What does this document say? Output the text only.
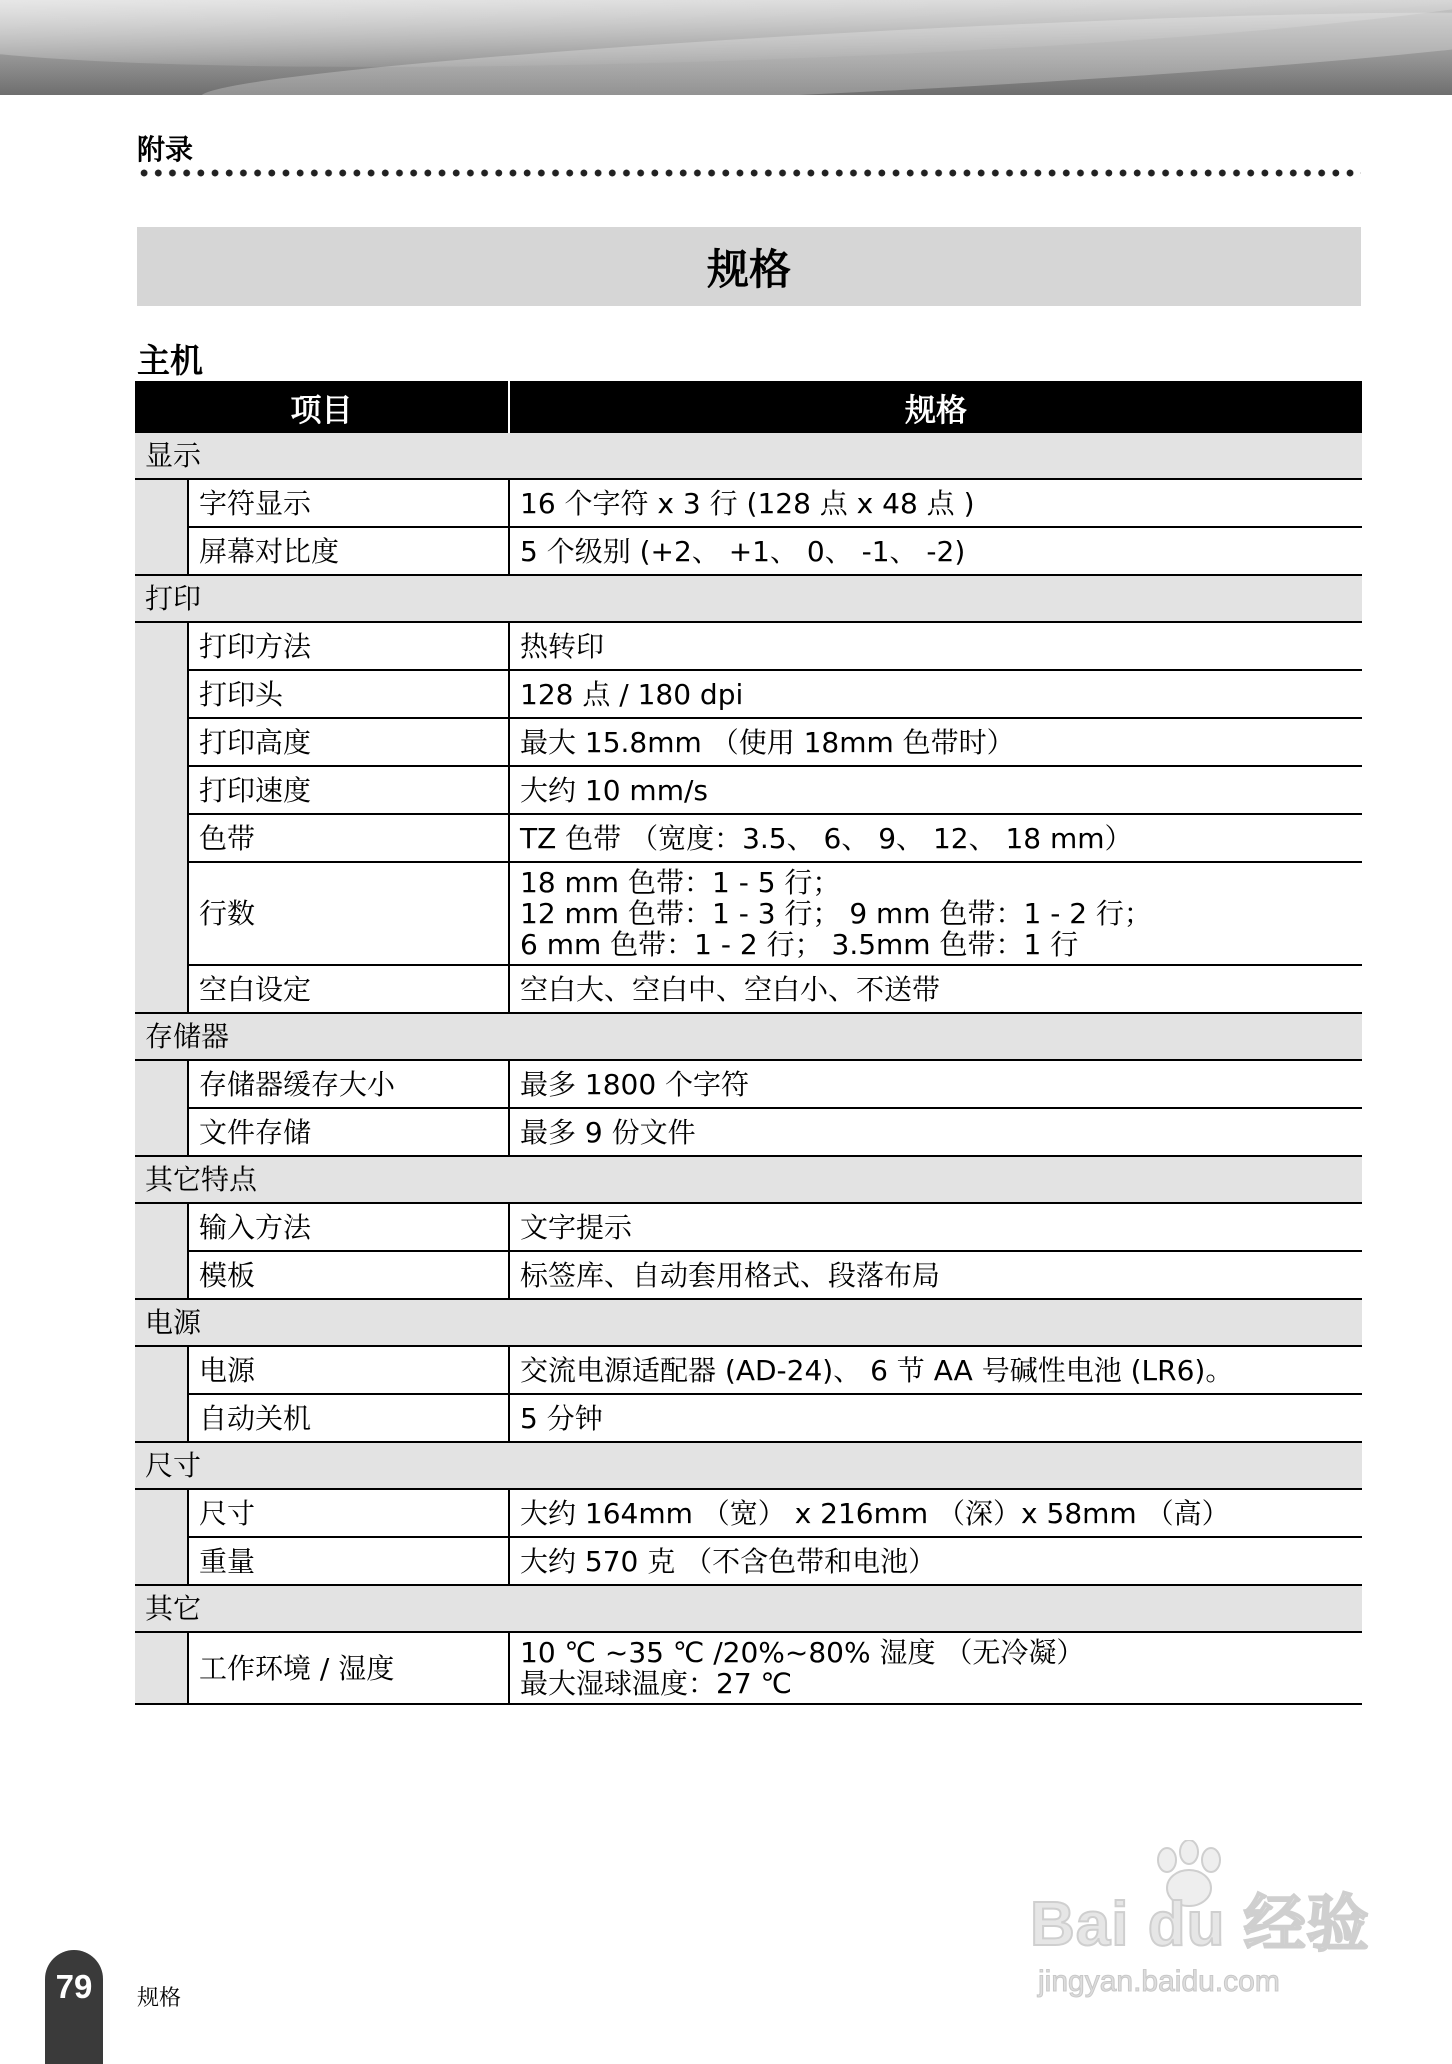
附录
规格
主机
项目		规格
显示		
	字符显示	16 个字符 x 3 行 (128 点 x 48 点 )
	屏幕对比度	5 个级别 (+2、 +1、 0、 -1、 -2)
打印		
	打印方法	热转印
	打印头	128 点 / 180 dpi
	打印高度	最大 15.8mm （使用 18mm 色带时）
	打印速度	大约 10 mm/s
	色带	TZ 色带 （宽度：3.5、 6、 9、 12、 18 mm）
	行数	18 mm 色带：1 - 5 行；
12 mm 色带：1 - 3 行； 9 mm 色带：1 - 2 行；
6 mm 色带：1 - 2 行； 3.5mm 色带：1 行

	空白设定	空白大、空白中、空白小、不送带
存储器		
	存储器缓存大小	最多 1800 个字符
	文件存储	最多 9 份文件
其它特点		
	输入方法	文字提示
	模板	标签库、自动套用格式、段落布局
电源		
	电源	交流电源适配器 (AD-24)、 6 节 AA 号碱性电池 (LR6)。
	自动关机	5 分钟
尺寸		
	尺寸	大约 164mm （宽） x 216mm （深）x 58mm （高）
	重量	大约 570 克 （不含色带和电池）
其它		
	工作环境 / 湿度	10 ℃ ~35 ℃ /20%~80% 湿度 （无冷凝）
最大湿球温度：27 ℃
79	规格
Bai du 经验
jingyan.baidu.com
